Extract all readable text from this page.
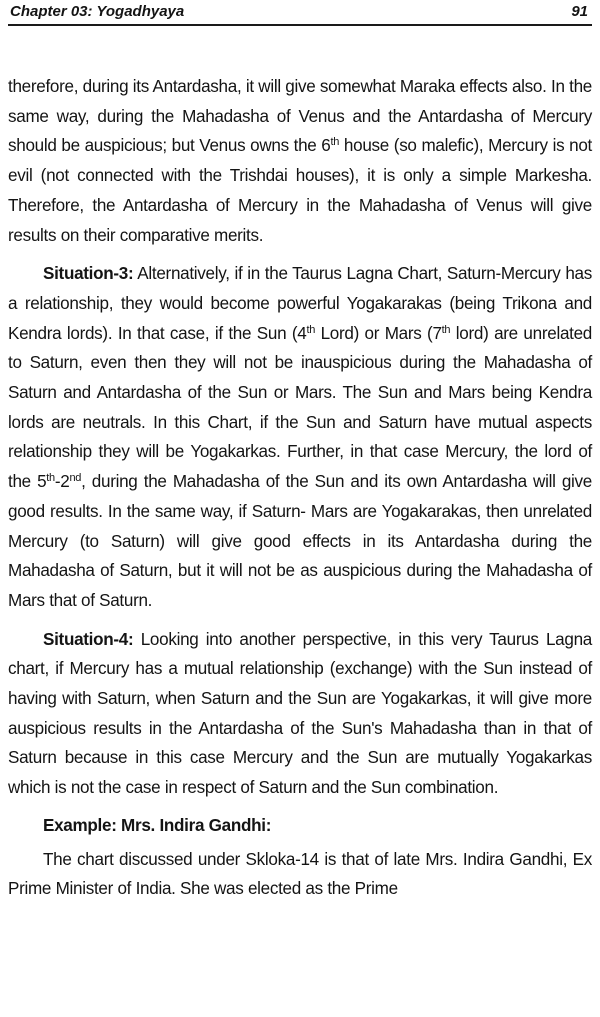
Chapter 03: Yogadhyaya	91

therefore, during its Antardasha, it will give somewhat Maraka effects also. In the same way, during the Mahadasha of Venus and the Antardasha of Mercury should be auspicious; but Venus owns the 6th house (so malefic), Mercury is not evil (not connected with the Trishdai houses), it is only a simple Markesha. Therefore, the Antardasha of Mercury in the Mahadasha of Venus will give results on their comparative merits.

Situation-3: Alternatively, if in the Taurus Lagna Chart, Saturn-Mercury has a relationship, they would become powerful Yogakarakas (being Trikona and Kendra lords). In that case, if the Sun (4th Lord) or Mars (7th lord) are unrelated to Saturn, even then they will not be inauspicious during the Mahadasha of Saturn and Antardasha of the Sun or Mars. The Sun and Mars being Kendra lords are neutrals. In this Chart, if the Sun and Saturn have mutual aspects relationship they will be Yogakarkas. Further, in that case Mercury, the lord of the 5th-2nd, during the Mahadasha of the Sun and its own Antardasha will give good results. In the same way, if Saturn- Mars are Yogakarakas, then unrelated Mercury (to Saturn) will give good effects in its Antardasha during the Mahadasha of Saturn, but it will not be as auspicious during the Mahadasha of Mars that of Saturn.

Situation-4: Looking into another perspective, in this very Taurus Lagna chart, if Mercury has a mutual relationship (exchange) with the Sun instead of having with Saturn, when Saturn and the Sun are Yogakarkas, it will give more auspicious results in the Antardasha of the Sun's Mahadasha than in that of Saturn because in this case Mercury and the Sun are mutually Yogakarkas which is not the case in respect of Saturn and the Sun combination.

Example: Mrs. Indira Gandhi:

The chart discussed under Skloka-14 is that of late Mrs. Indira Gandhi, Ex Prime Minister of India. She was elected as the Prime
